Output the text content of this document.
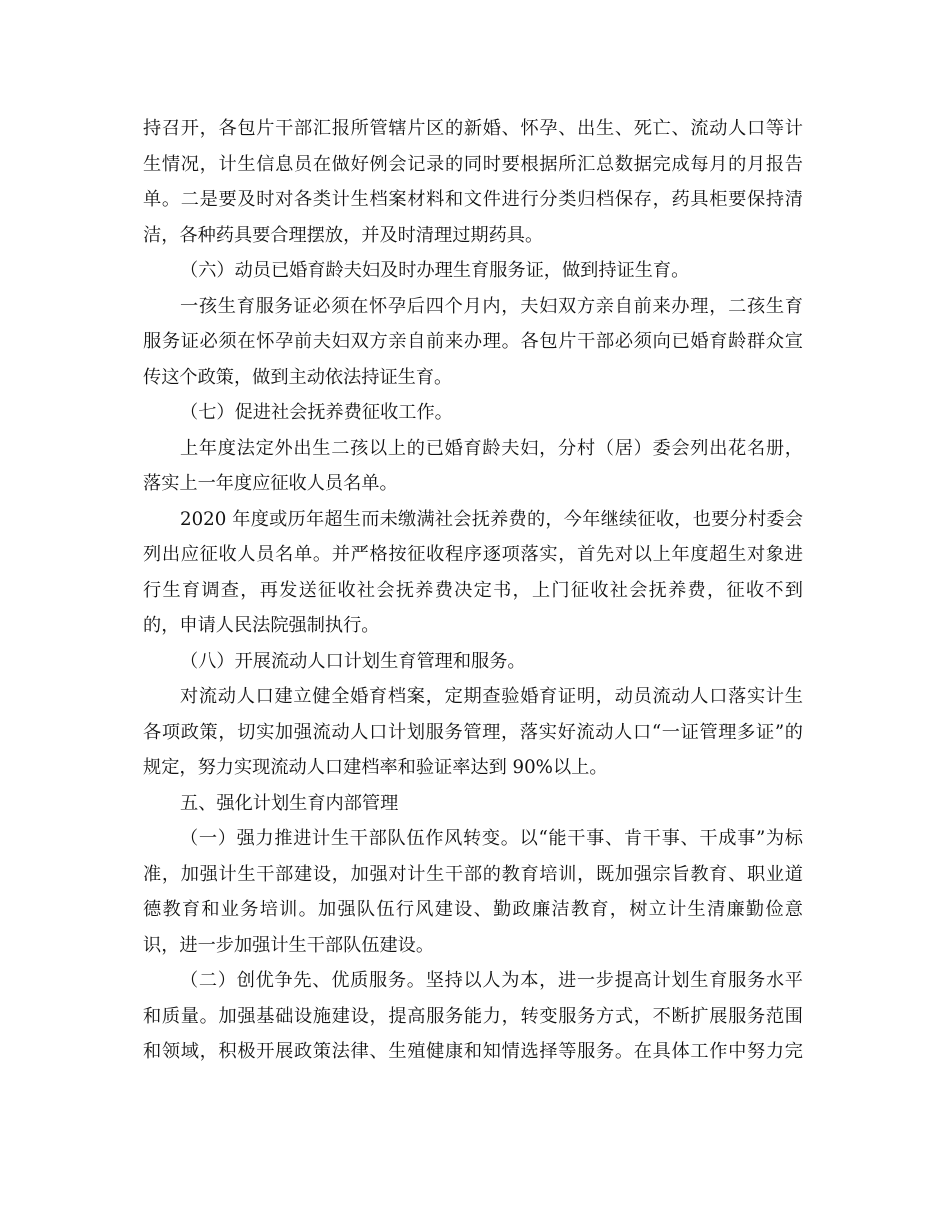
持召开，各包片干部汇报所管辖片区的新婚、怀孕、出生、死亡、流动人口等计
生情况，计生信息员在做好例会记录的同时要根据所汇总数据完成每月的月报告
单。二是要及时对各类计生档案材料和文件进行分类归档保存，药具柜要保持清
洁，各种药具要合理摆放，并及时清理过期药具。
（六）动员已婚育龄夫妇及时办理生育服务证，做到持证生育。
一孩生育服务证必须在怀孕后四个月内，夫妇双方亲自前来办理，二孩生育
服务证必须在怀孕前夫妇双方亲自前来办理。各包片干部必须向已婚育龄群众宣
传这个政策，做到主动依法持证生育。
（七）促进社会抚养费征收工作。
上年度法定外出生二孩以上的已婚育龄夫妇，分村（居）委会列出花名册，
落实上一年度应征收人员名单。
2020 年度或历年超生而未缴满社会抚养费的，今年继续征收，也要分村委会
列出应征收人员名单。并严格按征收程序逐项落实，首先对以上年度超生对象进
行生育调查，再发送征收社会抚养费决定书，上门征收社会抚养费，征收不到
的，申请人民法院强制执行。
（八）开展流动人口计划生育管理和服务。
对流动人口建立健全婚育档案，定期查验婚育证明，动员流动人口落实计生
各项政策，切实加强流动人口计划服务管理，落实好流动人口“一证管理多证”的
规定，努力实现流动人口建档率和验证率达到 90%以上。
五、强化计划生育内部管理
（一）强力推进计生干部队伍作风转变。以“能干事、肯干事、干成事”为标
准，加强计生干部建设，加强对计生干部的教育培训，既加强宗旨教育、职业道
德教育和业务培训。加强队伍行风建设、勤政廉洁教育，树立计生清廉勤俭意
识，进一步加强计生干部队伍建设。
（二）创优争先、优质服务。坚持以人为本，进一步提高计划生育服务水平
和质量。加强基础设施建设，提高服务能力，转变服务方式，不断扩展服务范围
和领域，积极开展政策法律、生殖健康和知情选择等服务。在具体工作中努力完
